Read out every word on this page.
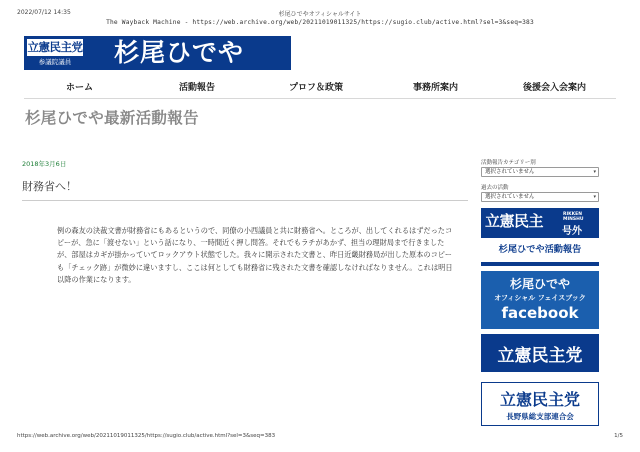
2022/07/12 14:35	杉尾ひでやオフィシャルサイト
The Wayback Machine - https://web.archive.org/web/20211019011325/https://sugio.club/active.html?sel=3&seq=383
立憲民主党
参議院議員	杉尾ひでや
ホーム	活動報告	プロフ＆政策	事務所案内	後援会入会案内
杉尾ひでや最新活動報告
2018年3月6日
財務省へ！
例の森友の決裁文書が財務省にもあるというので、同僚の小西議員と共に財務省へ。ところが、出してくれるはずだったコピーが、急に「渡せない」という話になり、一時間近く押し問答。それでもラチがあかず、担当の理財局まで行きましたが、部屋はカギが掛かっていてロックアウト状態でした。我々に開示された文書と、昨日近畿財務局が出した原本のコピーも「チェック跡」が微妙に違いますし、ここは何としても財務省に残された文書を確認しなければなりません。これは明日以降の作業になります。
活動報告カテゴリー別
選択されていません	▾
過去の活動
選択されていません	▾
立憲民主	RIKKEN MINSHU
号外
杉尾ひでや活動報告
杉尾ひでや
オフィシャル フェイスブック
facebook
立憲民主党
立憲民主党
長野県総支部連合会
https://web.archive.org/web/20211019011325/https://sugio.club/active.html?sel=3&seq=383	1/5
